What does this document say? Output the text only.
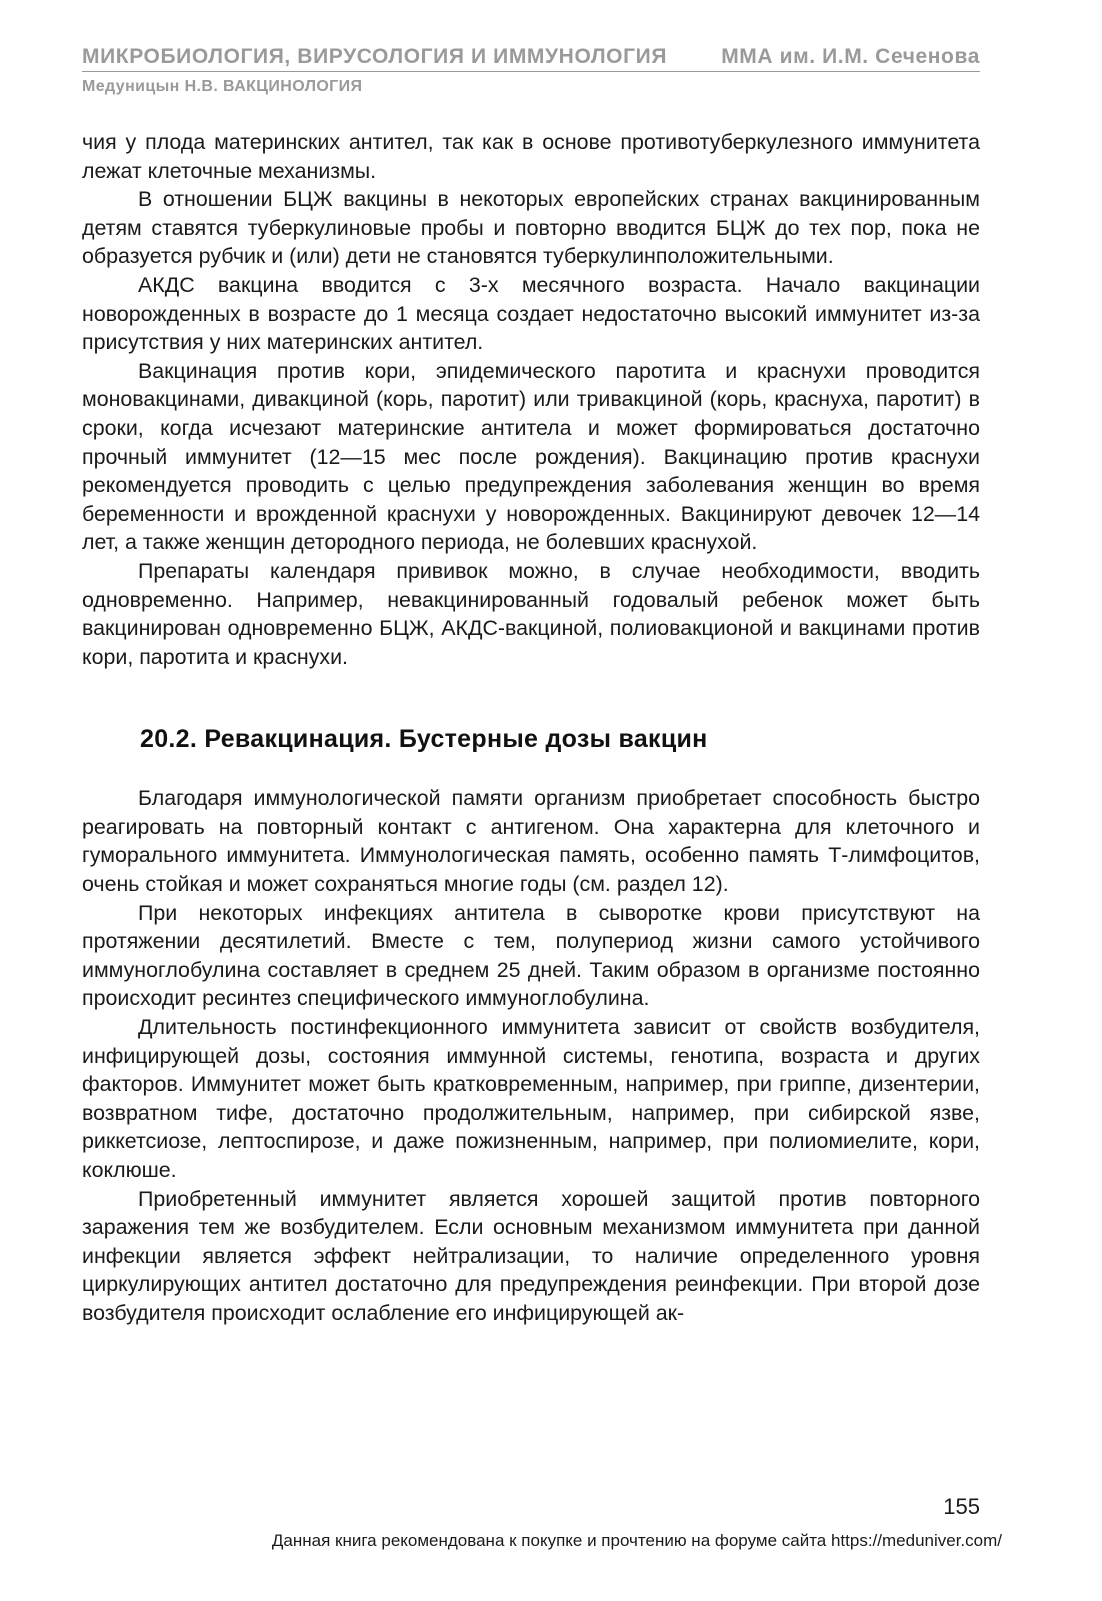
МИКРОБИОЛОГИЯ, ВИРУСОЛОГИЯ И ИММУНОЛОГИЯ	ММА им. И.М. Сеченова
Медуницын Н.В. ВАКЦИНОЛОГИЯ

чия у плода материнских антител, так как в основе противотуберкулезного иммунитета лежат клеточные механизмы.

В отношении БЦЖ вакцины в некоторых европейских странах вакцинированным детям ставятся туберкулиновые пробы и повторно вводится БЦЖ до тех пор, пока не образуется рубчик и (или) дети не становятся туберкулинположительными.

АКДС вакцина вводится с 3-х месячного возраста. Начало вакцинации новорожденных в возрасте до 1 месяца создает недостаточно высокий иммунитет из-за присутствия у них материнских антител.

Вакцинация против кори, эпидемического паротита и краснухи проводится моновакцинами, дивакциной (корь, паротит) или тривакциной (корь, краснуха, паротит) в сроки, когда исчезают материнские антитела и может формироваться достаточно прочный иммунитет (12—15 мес после рождения). Вакцинацию против краснухи рекомендуется проводить с целью предупреждения заболевания женщин во время беременности и врожденной краснухи у новорожденных. Вакцинируют девочек 12—14 лет, а также женщин детородного периода, не болевших краснухой.

Препараты календаря прививок можно, в случае необходимости, вводить одновременно. Например, невакцинированный годовалый ребенок может быть вакцинирован одновременно БЦЖ, АКДС-вакциной, полиовакционой и вакцинами против кори, паротита и краснухи.

20.2. Ревакцинация. Бустерные дозы вакцин

Благодаря иммунологической памяти организм приобретает способность быстро реагировать на повторный контакт с антигеном. Она характерна для клеточного и гуморального иммунитета. Иммунологическая память, особенно память Т-лимфоцитов, очень стойкая и может сохраняться многие годы (см. раздел 12).

При некоторых инфекциях антитела в сыворотке крови присутствуют на протяжении десятилетий. Вместе с тем, полупериод жизни самого устойчивого иммуноглобулина составляет в среднем 25 дней. Таким образом в организме постоянно происходит ресинтез специфического иммуноглобулина.

Длительность постинфекционного иммунитета зависит от свойств возбудителя, инфицирующей дозы, состояния иммунной системы, генотипа, возраста и других факторов. Иммунитет может быть кратковременным, например, при гриппе, дизентерии, возвратном тифе, достаточно продолжительным, например, при сибирской язве, риккетсиозе, лептоспирозе, и даже пожизненным, например, при полиомиелите, кори, коклюше.

Приобретенный иммунитет является хорошей защитой против повторного заражения тем же возбудителем. Если основным механизмом иммунитета при данной инфекции является эффект нейтрализации, то наличие определенного уровня циркулирующих антител достаточно для предупреждения реинфекции. При второй дозе возбудителя происходит ослабление его инфицирующей ак-

155
Данная книга рекомендована к покупке и прочтению на форуме сайта https://meduniver.com/
